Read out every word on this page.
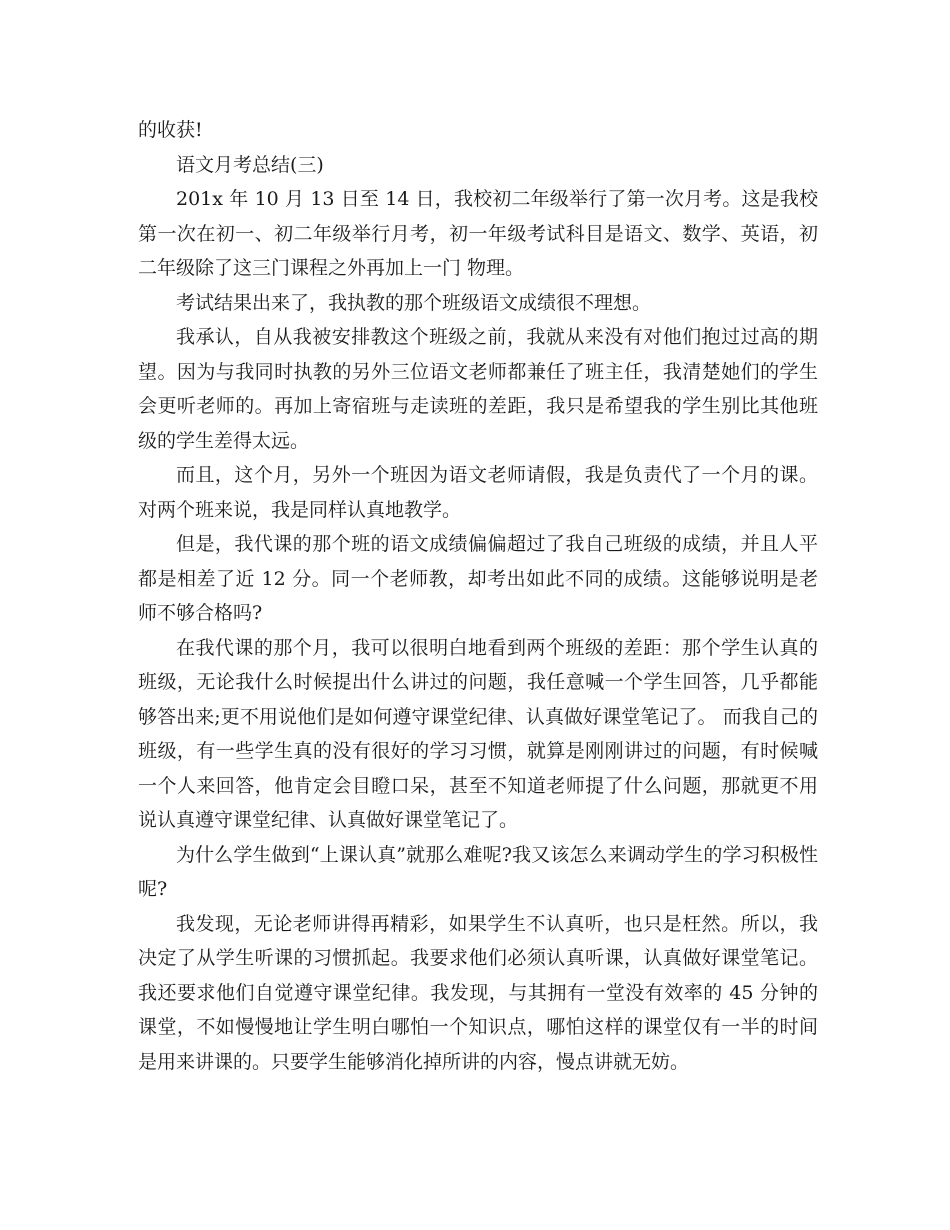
的收获!

语文月考总结(三)

201x 年 10 月 13 日至 14 日，我校初二年级举行了第一次月考。这是我校第一次在初一、初二年级举行月考，初一年级考试科目是语文、数学、英语，初二年级除了这三门课程之外再加上一门 物理。

考试结果出来了，我执教的那个班级语文成绩很不理想。

我承认，自从我被安排教这个班级之前，我就从来没有对他们抱过过高的期望。因为与我同时执教的另外三位语文老师都兼任了班主任，我清楚她们的学生会更听老师的。再加上寄宿班与走读班的差距，我只是希望我的学生别比其他班级的学生差得太远。

而且，这个月，另外一个班因为语文老师请假，我是负责代了一个月的课。对两个班来说，我是同样认真地教学。

但是，我代课的那个班的语文成绩偏偏超过了我自己班级的成绩，并且人平都是相差了近 12 分。同一个老师教，却考出如此不同的成绩。这能够说明是老师不够合格吗?

在我代课的那个月，我可以很明白地看到两个班级的差距：那个学生认真的班级，无论我什么时候提出什么讲过的问题，我任意喊一个学生回答，几乎都能够答出来;更不用说他们是如何遵守课堂纪律、认真做好课堂笔记了。 而我自己的班级，有一些学生真的没有很好的学习习惯，就算是刚刚讲过的问题，有时候喊一个人来回答，他肯定会目瞪口呆，甚至不知道老师提了什么问题，那就更不用说认真遵守课堂纪律、认真做好课堂笔记了。

为什么学生做到“上课认真”就那么难呢?我又该怎么来调动学生的学习积极性呢?

我发现，无论老师讲得再精彩，如果学生不认真听，也只是枉然。所以，我决定了从学生听课的习惯抓起。我要求他们必须认真听课，认真做好课堂笔记。我还要求他们自觉遵守课堂纪律。我发现，与其拥有一堂没有效率的 45 分钟的课堂，不如慢慢地让学生明白哪怕一个知识点，哪怕这样的课堂仅有一半的时间是用来讲课的。只要学生能够消化掉所讲的内容，慢点讲就无妨。
